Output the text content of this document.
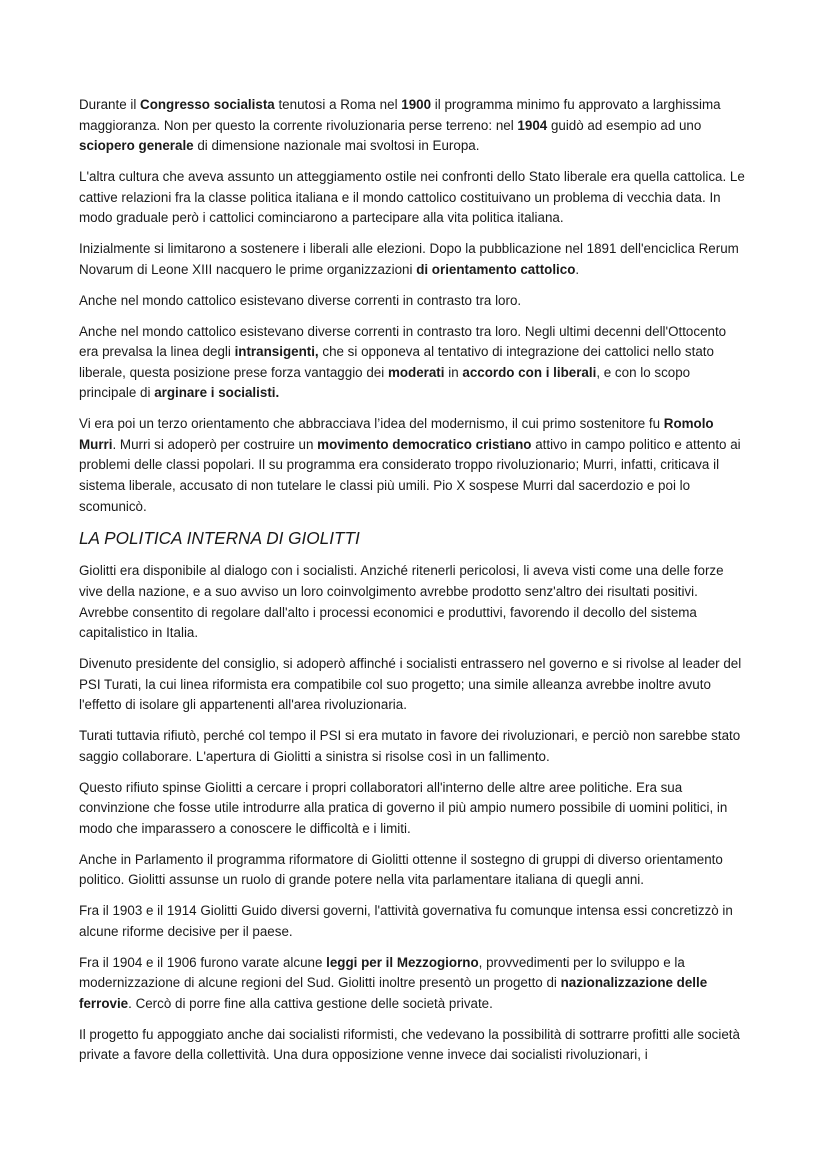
Durante il Congresso socialista tenutosi a Roma nel 1900 il programma minimo fu approvato a larghissima maggioranza. Non per questo la corrente rivoluzionaria perse terreno: nel 1904 guidò ad esempio ad uno sciopero generale di dimensione nazionale mai svoltosi in Europa.

L'altra cultura che aveva assunto un atteggiamento ostile nei confronti dello Stato liberale era quella cattolica. Le cattive relazioni fra la classe politica italiana e il mondo cattolico costituivano un problema di vecchia data. In modo graduale però i cattolici cominciarono a partecipare alla vita politica italiana.

Inizialmente si limitarono a sostenere i liberali alle elezioni. Dopo la pubblicazione nel 1891 dell'enciclica Rerum Novarum di Leone XIII nacquero le prime organizzazioni di orientamento cattolico.

Anche nel mondo cattolico esistevano diverse correnti in contrasto tra loro.

Anche nel mondo cattolico esistevano diverse correnti in contrasto tra loro. Negli ultimi decenni dell'Ottocento era prevalsa la linea degli intransigenti, che si opponeva al tentativo di integrazione dei cattolici nello stato liberale, questa posizione prese forza vantaggio dei moderati in accordo con i liberali, e con lo scopo principale di arginare i socialisti.

Vi era poi un terzo orientamento che abbracciava l’idea del modernismo, il cui primo sostenitore fu Romolo Murri. Murri si adoperò per costruire un movimento democratico cristiano attivo in campo politico e attento ai problemi delle classi popolari. Il su programma era considerato troppo rivoluzionario; Murri, infatti, criticava il sistema liberale, accusato di non tutelare le classi più umili. Pio X sospese Murri dal sacerdozio e poi lo scomunicò.

LA POLITICA INTERNA DI GIOLITTI

Giolitti era disponibile al dialogo con i socialisti. Anziché ritenerli pericolosi, li aveva visti come una delle forze vive della nazione, e a suo avviso un loro coinvolgimento avrebbe prodotto senz'altro dei risultati positivi. Avrebbe consentito di regolare dall'alto i processi economici e produttivi, favorendo il decollo del sistema capitalistico in Italia.

Divenuto presidente del consiglio, si adoperò affinché i socialisti entrassero nel governo e si rivolse al leader del PSI Turati, la cui linea riformista era compatibile col suo progetto; una simile alleanza avrebbe inoltre avuto l'effetto di isolare gli appartenenti all'area rivoluzionaria.

Turati tuttavia rifiutò, perché col tempo il PSI si era mutato in favore dei rivoluzionari, e perciò non sarebbe stato saggio collaborare. L'apertura di Giolitti a sinistra si risolse così in un fallimento.

Questo rifiuto spinse Giolitti a cercare i propri collaboratori all'interno delle altre aree politiche. Era sua convinzione che fosse utile introdurre alla pratica di governo il più ampio numero possibile di uomini politici, in modo che imparassero a conoscere le difficoltà e i limiti.

Anche in Parlamento il programma riformatore di Giolitti ottenne il sostegno di gruppi di diverso orientamento politico. Giolitti assunse un ruolo di grande potere nella vita parlamentare italiana di quegli anni.

Fra il 1903 e il 1914 Giolitti Guido diversi governi, l'attività governativa fu comunque intensa essi concretizzò in alcune riforme decisive per il paese.

Fra il 1904 e il 1906 furono varate alcune leggi per il Mezzogiorno, provvedimenti per lo sviluppo e la modernizzazione di alcune regioni del Sud. Giolitti inoltre presentò un progetto di nazionalizzazione delle ferrovie. Cercò di porre fine alla cattiva gestione delle società private.

Il progetto fu appoggiato anche dai socialisti riformisti, che vedevano la possibilità di sottrarre profitti alle società private a favore della collettività. Una dura opposizione venne invece dai socialisti rivoluzionari, i
